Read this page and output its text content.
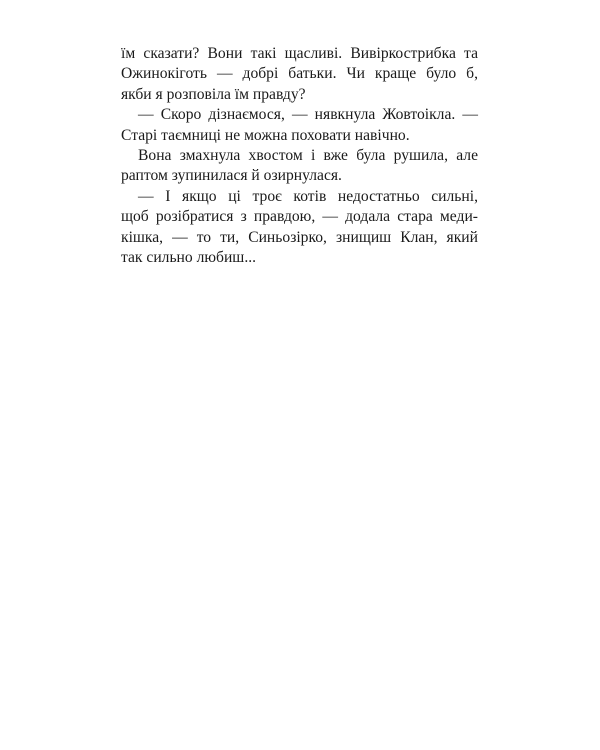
їм сказати? Вони такі щасливі. Вивіркострибка та
Ожинокіготь — добрі батьки. Чи краще було б,
якби я розповіла їм правду?

— Скоро дізнаємося, — нявкнула Жовтоікла. —
Старі таємниці не можна поховати навічно.

Вона змахнула хвостом і вже була рушила, але
раптом зупинилася й озирнулася.

— І якщо ці троє котів недостатньо сильні,
щоб розібратися з правдою, — додала стара меди-
кішка, — то ти, Синьозірко, знищиш Клан, який
так сильно любиш...
